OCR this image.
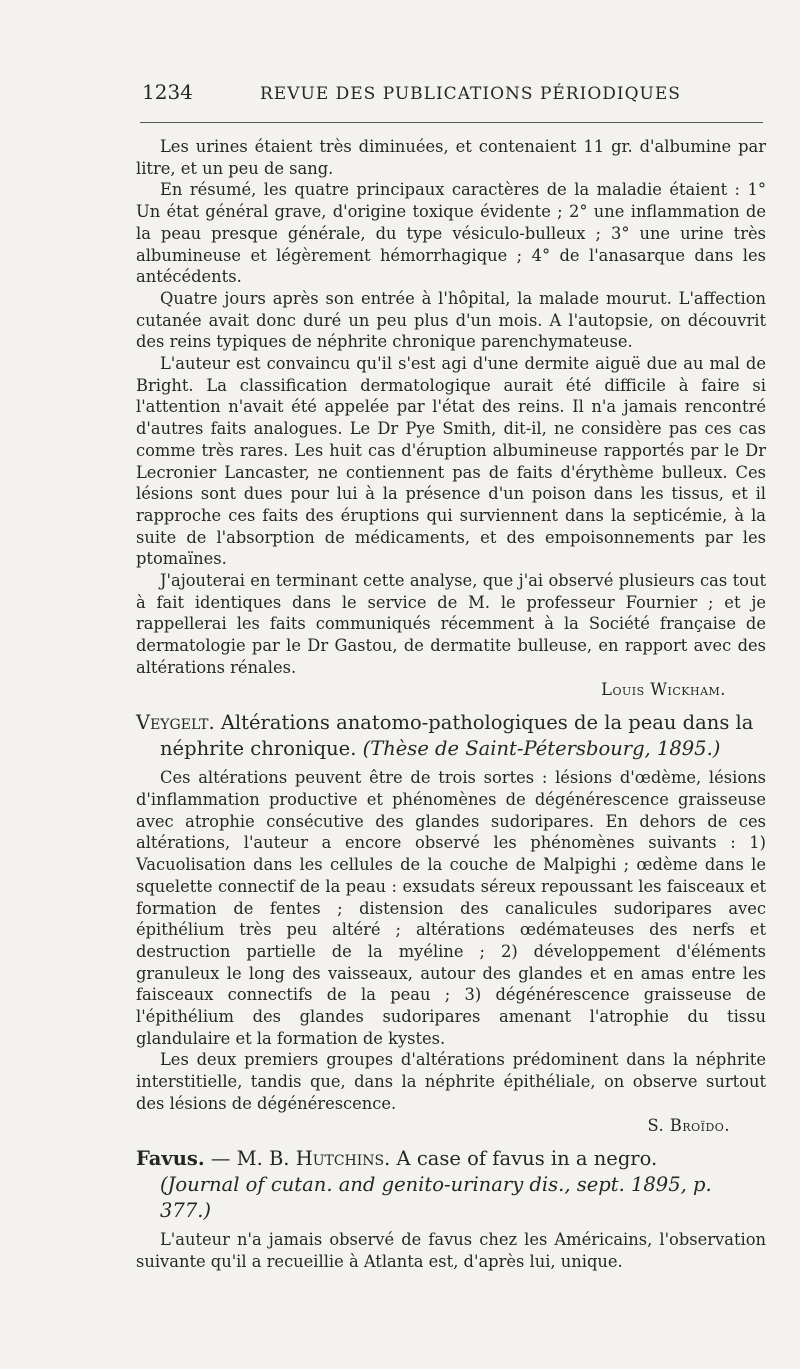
1234	REVUE DES PUBLICATIONS PÉRIODIQUES

Les urines étaient très diminuées, et contenaient 11 gr. d'albumine par litre, et un peu de sang.

En résumé, les quatre principaux caractères de la maladie étaient : 1° Un état général grave, d'origine toxique évidente ; 2° une inflammation de la peau presque générale, du type vésiculo-bulleux ; 3° une urine très albumineuse et légèrement hémorrhagique ; 4° de l'anasarque dans les antécédents.

Quatre jours après son entrée à l'hôpital, la malade mourut. L'affection cutanée avait donc duré un peu plus d'un mois. A l'autopsie, on découvrit des reins typiques de néphrite chronique parenchymateuse.

L'auteur est convaincu qu'il s'est agi d'une dermite aiguë due au mal de Bright. La classification dermatologique aurait été difficile à faire si l'attention n'avait été appelée par l'état des reins. Il n'a jamais rencontré d'autres faits analogues. Le Dr Pye Smith, dit-il, ne considère pas ces cas comme très rares. Les huit cas d'éruption albumineuse rapportés par le Dr Lecronier Lancaster, ne contiennent pas de faits d'érythème bulleux. Ces lésions sont dues pour lui à la présence d'un poison dans les tissus, et il rapproche ces faits des éruptions qui surviennent dans la septicémie, à la suite de l'absorption de médicaments, et des empoisonnements par les ptomaïnes.

J'ajouterai en terminant cette analyse, que j'ai observé plusieurs cas tout à fait identiques dans le service de M. le professeur Fournier ; et je rappellerai les faits communiqués récemment à la Société française de dermatologie par le Dr Gastou, de dermatite bulleuse, en rapport avec des altérations rénales.

Louis Wickham.
Veygelt. Altérations anatomo-pathologiques de la peau dans la
néphrite chronique. (Thèse de Saint-Pétersbourg, 1895.)

Ces altérations peuvent être de trois sortes : lésions d'œdème, lésions d'inflammation productive et phénomènes de dégénérescence graisseuse avec atrophie consécutive des glandes sudoripares. En dehors de ces altérations, l'auteur a encore observé les phénomènes suivants : 1) Vacuolisation dans les cellules de la couche de Malpighi ; œdème dans le squelette connectif de la peau : exsudats séreux repoussant les faisceaux et formation de fentes ; distension des canalicules sudoripares avec épithélium très peu altéré ; altérations œdémateuses des nerfs et destruction partielle de la myéline ; 2) développement d'éléments granuleux le long des vaisseaux, autour des glandes et en amas entre les faisceaux connectifs de la peau ; 3) dégénérescence graisseuse de l'épithélium des glandes sudoripares amenant l'atrophie du tissu glandulaire et la formation de kystes.

Les deux premiers groupes d'altérations prédominent dans la néphrite interstitielle, tandis que, dans la néphrite épithéliale, on observe surtout des lésions de dégénérescence.

S. Broïdo.
Favus. — M. B. Hutchins. A case of favus in a negro.
(Journal of cutan. and genito-urinary dis., sept. 1895, p. 377.)

L'auteur n'a jamais observé de favus chez les Américains, l'observation suivante qu'il a recueillie à Atlanta est, d'après lui, unique.
